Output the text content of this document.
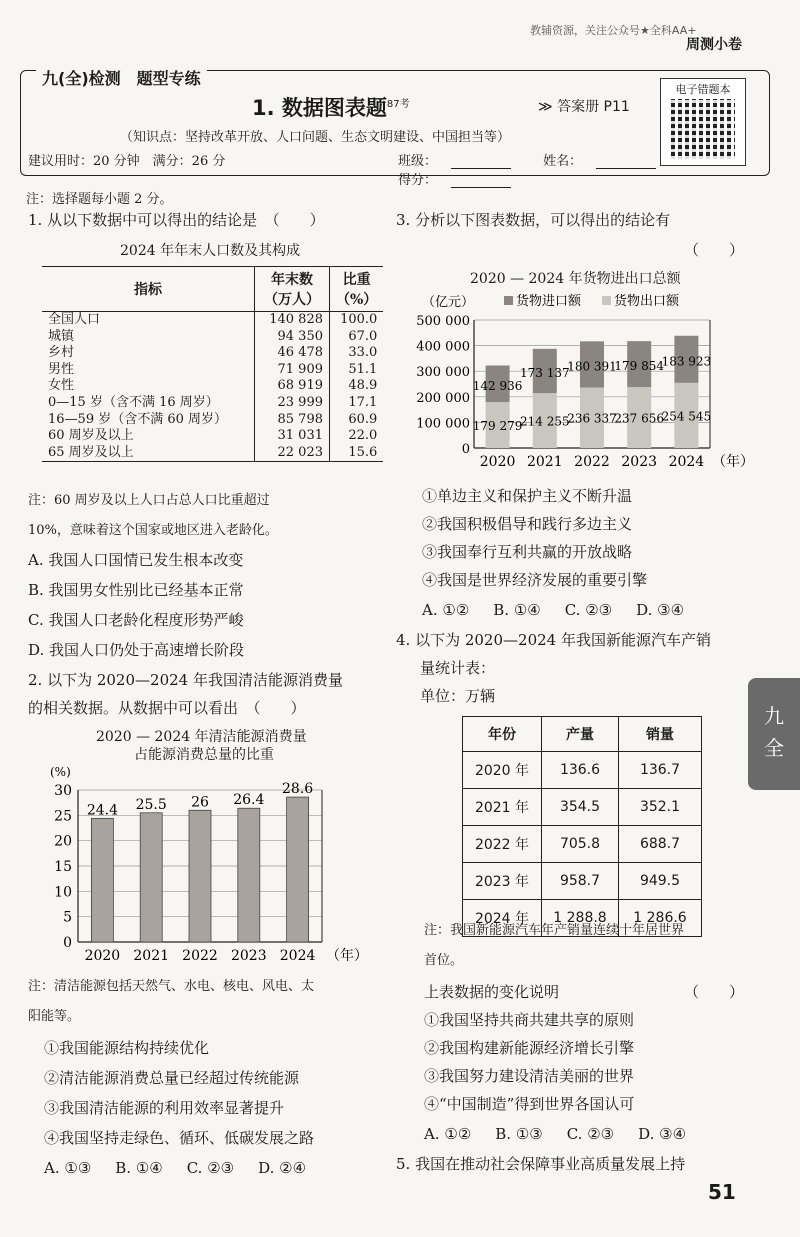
教辅资源，关注公众号★全科AA+
周测小卷
九(全)检测　题型专练
1. 数据图表题$^{87考}$	≫ 答案册 P11
（知识点：坚持改革开放、人口问题、生态文明建设、中国担当等）
建议用时：20 分钟　满分：26 分	班级：	姓名： 得分：
电子错题本
注：选择题每小题 2 分。
1. 从以下数据中可以得出的结论是　（　　）
2024 年年末人口数及其构成
指标	年末数（万人）	比重（%）
全国人口	140 828	100.0
城镇	94 350	67.0
乡村	46 478	33.0
男性	71 909	51.1
女性	68 919	48.9
0—15 岁（含不满 16 周岁）	23 999	17.1
16—59 岁（含不满 60 周岁）	85 798	60.9
60 周岁及以上	31 031	22.0
65 周岁及以上	22 023	15.6
注：60 周岁及以上人口占总人口比重超过
10%，意味着这个国家或地区进入老龄化。
A. 我国人口国情已发生根本改变
B. 我国男女性别比已经基本正常
C. 我国人口老龄化程度形势严峻
D. 我国人口仍处于高速增长阶段
2. 以下为 2020—2024 年我国清洁能源消费量
的相关数据。从数据中可以看出　（　　）
2020 — 2024 年清洁能源消费量
占能源消费总量的比重
(%)
0
5
10
15
20
25
30
24.4
2020
25.5
2021
26
2022
26.4
2023
28.6
2024 （年）
注：清洁能源包括天然气、水电、核电、风电、太
阳能等。
①我国能源结构持续优化
②清洁能源消费总量已经超过传统能源
③我国清洁能源的利用效率显著提升
④我国坚持走绿色、循环、低碳发展之路
A. ①③ B. ①④ C. ②③ D. ②④
3. 分析以下图表数据，可以得出的结论有
（　　）
2020 — 2024 年货物进出口总额
（亿元）	货物进口额	货物出口额
0
100 000
200 000
300 000
400 000
500 000
142 936
179 279
2020
173 137
214 255
2021
180 391
236 337
2022
179 854
237 656
2023
183 923
254 545
2024 （年）
①单边主义和保护主义不断升温
②我国积极倡导和践行多边主义
③我国奉行互利共赢的开放战略
④我国是世界经济发展的重要引擎
A. ①② B. ①④ C. ②③ D. ③④
4. 以下为 2020—2024 年我国新能源汽车产销
量统计表：
单位：万辆
年份	产量	销量
2020 年	136.6	136.7
2021 年	354.5	352.1
2022 年	705.8	688.7
2023 年	958.7	949.5
2024 年	1 288.8	1 286.6
注：我国新能源汽车年产销量连续十年居世界
首位。
上表数据的变化说明	（　　）
①我国坚持共商共建共享的原则
②我国构建新能源经济增长引擎
③我国努力建设清洁美丽的世界
④“中国制造”得到世界各国认可
A. ①② B. ①③ C. ②③ D. ③④
5. 我国在推动社会保障事业高质量发展上持
九
全
51
